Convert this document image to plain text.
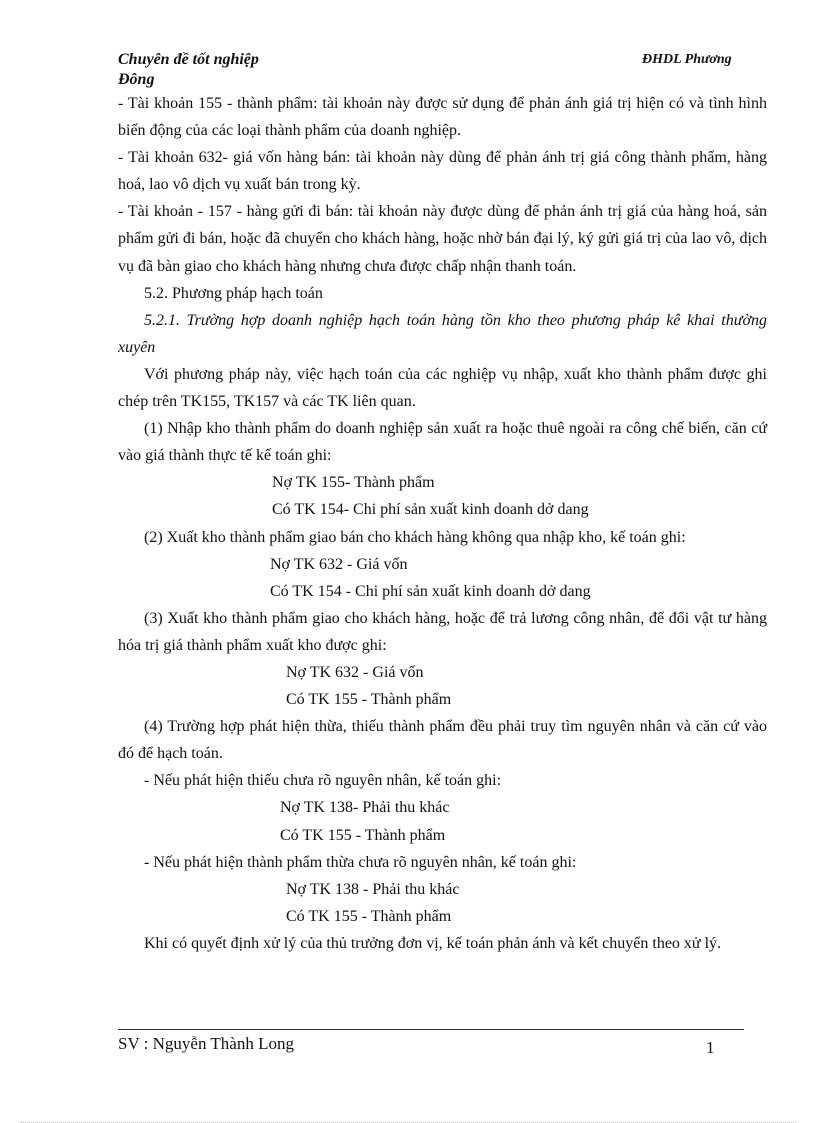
Chuyên đề tốt nghiệp
Đông
ĐHDL Phương

- Tài khoản 155 - thành phẩm: tài khoản này được sử dụng để phản ánh giá trị hiện có và tình hình biến động của các loại thành phẩm của doanh nghiệp.

- Tài khoản 632- giá vốn hàng bán: tài khoản này dùng để phản ánh trị giá công thành phẩm, hàng hoá, lao vô dịch vụ xuất bán trong kỳ.

- Tài khoản - 157 - hàng gửi đi bán: tài khoản này được dùng để phản ánh trị giá của hàng hoá, sản phẩm gửi đi bán, hoặc đã chuyển cho khách hàng, hoặc nhờ bán đại lý, ký gửi giá trị của lao vô, dịch vụ đã bàn giao cho khách hàng nhưng chưa được chấp nhận thanh toán.

5.2. Phương pháp hạch toán

5.2.1. Trường hợp doanh nghiệp hạch toán hàng tồn kho theo phương pháp kê khai thường xuyên

Với phương pháp này, việc hạch toán của các nghiệp vụ nhập, xuất kho thành phẩm được ghi chép trên TK155, TK157 và các TK liên quan.

(1) Nhập kho thành phẩm do doanh nghiệp sản xuất ra hoặc thuê ngoài ra công chế biến, căn cứ vào giá thành thực tế kế toán ghi:

Nợ TK 155- Thành phẩm

Có TK 154- Chi phí sản xuất kinh doanh dở dang

(2) Xuất kho thành phẩm giao bán cho khách hàng không qua nhập kho, kế toán ghi:

Nợ TK 632 - Giá vốn

Có TK 154 - Chi phí sản xuất kinh doanh dở dang

(3) Xuất kho thành phẩm giao cho khách hàng, hoặc để trả lương công nhân, để đổi vật tư hàng hóa trị giá thành phẩm xuất kho được ghi:

Nợ TK 632 - Giá vốn

Có TK 155 - Thành phẩm

(4) Trường hợp phát hiện thừa, thiếu thành phẩm đều phải truy tìm nguyên nhân và căn cứ vào đó để hạch toán.

- Nếu phát hiện thiếu chưa rõ nguyên nhân, kế toán ghi:

Nợ TK 138- Phải thu khác

Có TK 155 - Thành phẩm

- Nếu phát hiện thành phẩm thừa chưa rõ nguyên nhân, kế toán ghi:

Nợ TK 138 - Phải thu khác

Có TK 155 - Thành phẩm

Khi có quyết định xử lý của thủ trưởng đơn vị, kế toán phản ánh và kết chuyển theo xử lý.

SV : Nguyễn Thành Long	1
